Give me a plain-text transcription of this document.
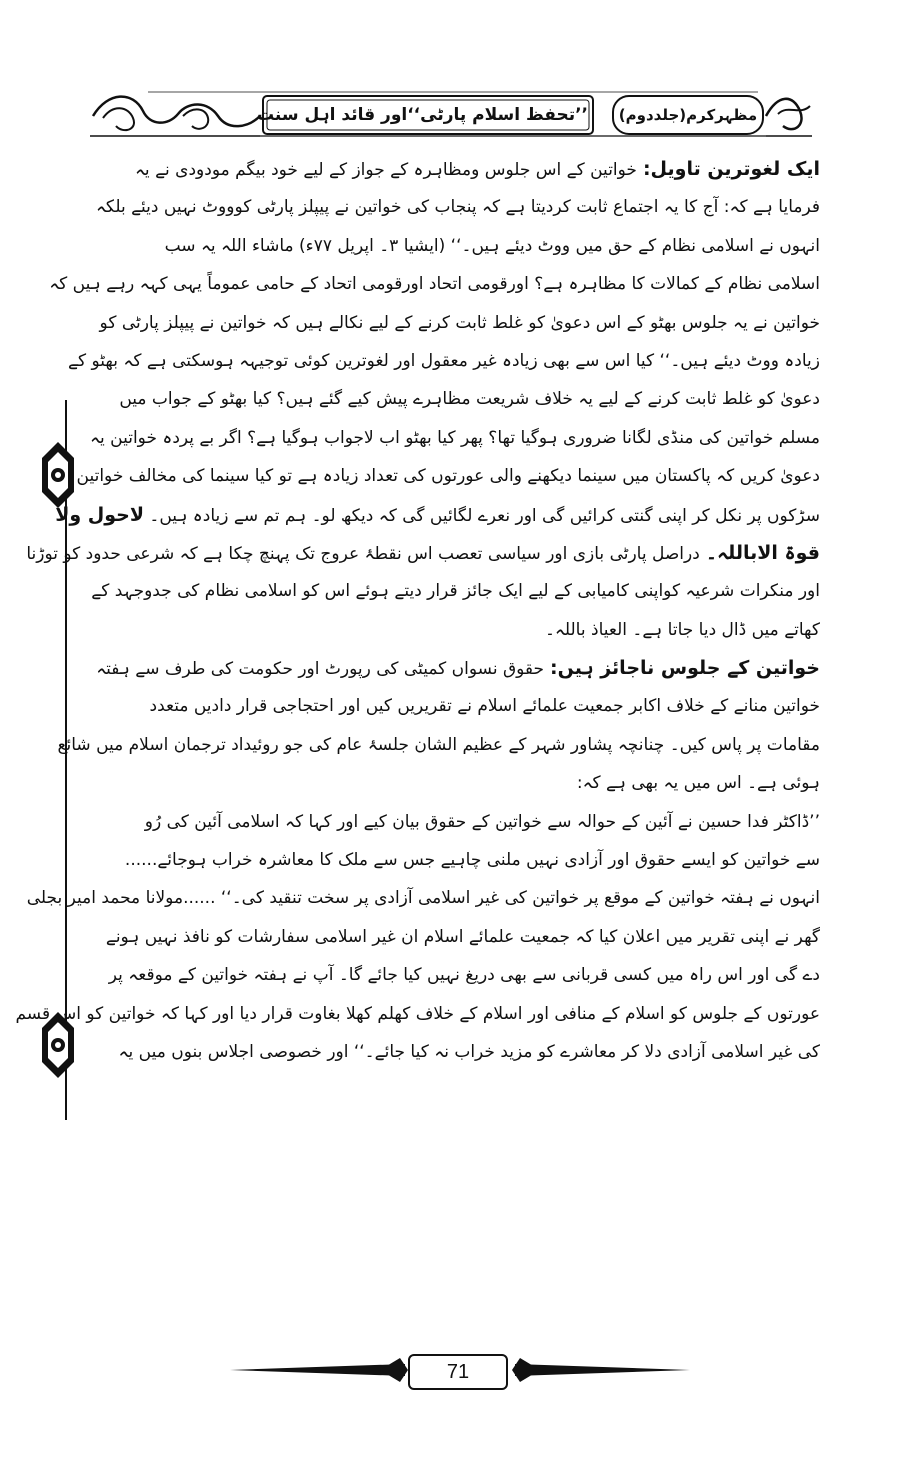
’’تحفظ اسلام پارٹی‘‘اور قائد اہل سنت مظہرکرم(جلددوم)
ایک لغوترین تاویل:خواتین کے اس جلوس ومظاہرہ کے جواز کے لیے خود بیگم مودودی نے یہ
فرمایا ہے کہ: آج کا یہ اجتماع ثابت کردیتا ہے کہ پنجاب کی خواتین نے پیپلز پارٹی کوووٹ نہیں دیئے بلکہ
انہوں نے اسلامی نظام کے حق میں ووٹ دیئے ہیں۔‘‘ (ایشیا ۳۔ اپریل ۷۷ء) ماشاء اللہ یہ سب
اسلامی نظام کے کمالات کا مظاہرہ ہے؟ اورقومی اتحاد اورقومی اتحاد کے حامی عموماً یہی کہہ رہے ہیں کہ
خواتین نے یہ جلوس بھٹو کے اس دعویٰ کو غلط ثابت کرنے کے لیے نکالے ہیں کہ خواتین نے پیپلز پارٹی کو
زیادہ ووٹ دیئے ہیں۔‘‘ کیا اس سے بھی زیادہ غیر معقول اور لغوترین کوئی توجیہہ ہوسکتی ہے کہ بھٹو کے
دعویٰ کو غلط ثابت کرنے کے لیے یہ خلاف شریعت مظاہرے پیش کیے گئے ہیں؟ کیا بھٹو کے جواب میں
مسلم خواتین کی منڈی لگانا ضروری ہوگیا تھا؟ پھر کیا بھٹو اب لاجواب ہوگیا ہے؟ اگر بے پردہ خواتین یہ
دعویٰ کریں کہ پاکستان میں سینما دیکھنے والی عورتوں کی تعداد زیادہ ہے تو کیا سینما کی مخالف خواتین
سڑکوں پر نکل کر اپنی گنتی کرائیں گی اور نعرے لگائیں گی کہ دیکھ لو۔ ہم تم سے زیادہ ہیں۔ لاحول ولا
قوۃ الاباللہ۔دراصل پارٹی بازی اور سیاسی تعصب اس نقطۂ عروج تک پہنچ چکا ہے کہ شرعی حدود کو توڑنا
اور منکرات شرعیہ کواپنی کامیابی کے لیے ایک جائز قرار دیتے ہوئے اس کو اسلامی نظام کی جدوجہد کے
کھاتے میں ڈال دیا جاتا ہے۔ العیاذ باللہ۔
خواتین کے جلوس ناجائز ہیں:حقوق نسواں کمیٹی کی رپورٹ اور حکومت کی طرف سے ہفتہ
خواتین منانے کے خلاف اکابر جمعیت علمائے اسلام نے تقریریں کیں اور احتجاجی قرار دادیں متعدد
مقامات پر پاس کیں۔ چنانچہ پشاور شہر کے عظیم الشان جلسۂ عام کی جو روئیداد ترجمان اسلام میں شائع
ہوئی ہے۔ اس میں یہ بھی ہے کہ:
’’ڈاکٹر فدا حسین نے آئین کے حوالہ سے خواتین کے حقوق بیان کیے اور کہا کہ اسلامی آئین کی رُو
سے خواتین کو ایسے حقوق اور آزادی نہیں ملنی چاہیے جس سے ملک کا معاشرہ خراب ہوجائے......
انہوں نے ہفتہ خواتین کے موقع پر خواتین کی غیر اسلامی آزادی پر سخت تنقید کی۔‘‘ ......مولانا محمد امیر بجلی
گھر نے اپنی تقریر میں اعلان کیا کہ جمعیت علمائے اسلام ان غیر اسلامی سفارشات کو نافذ نہیں ہونے
دے گی اور اس راہ میں کسی قربانی سے بھی دریغ نہیں کیا جائے گا۔ آپ نے ہفتہ خواتین کے موقعہ پر
عورتوں کے جلوس کو اسلام کے منافی اور اسلام کے خلاف کھلم کھلا بغاوت قرار دیا اور کہا کہ خواتین کو اس قسم
کی غیر اسلامی آزادی دلا کر معاشرے کو مزید خراب نہ کیا جائے۔‘‘ اور خصوصی اجلاس بنوں میں یہ
71
